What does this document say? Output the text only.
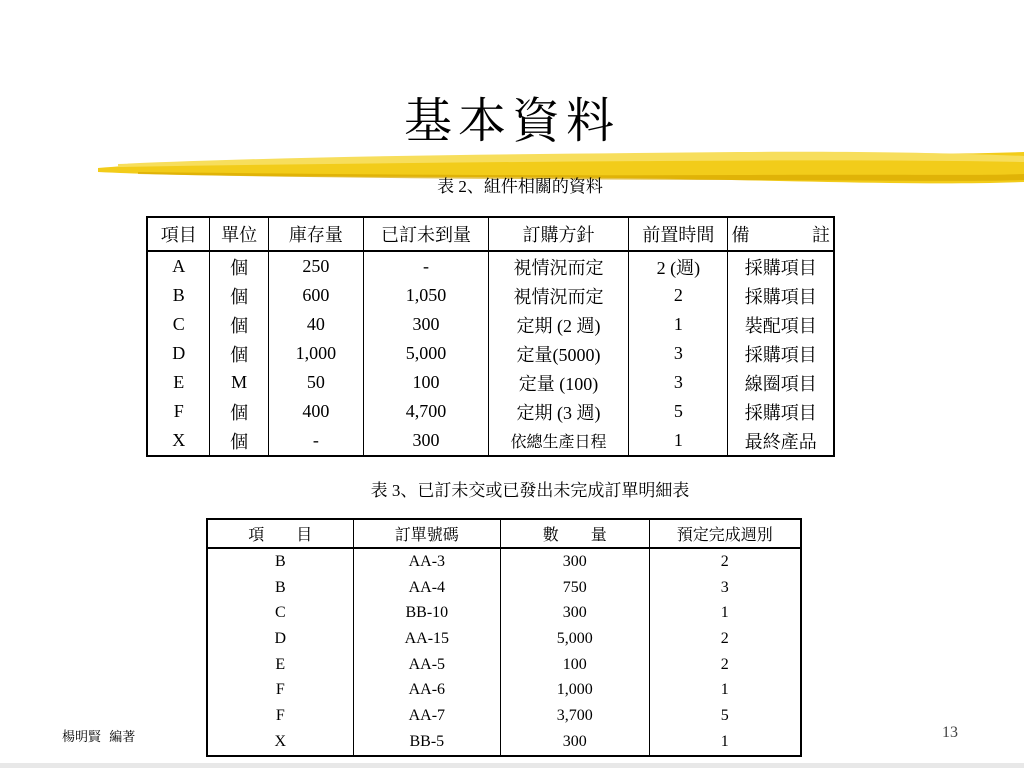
基本資料
表 2、組件相關的資料
項目	單位	庫存量	已訂未到量	訂購方針	前置時間	備　　註
A	個	250	-	視情況而定	2 (週)	採購項目
B	個	600	1,050	視情況而定	2	採購項目
C	個	40	300	定期 (2 週)	1	裝配項目
D	個	1,000	5,000	定量(5000)	3	採購項目
E	M	50	100	定量 (100)	3	線圈項目
F	個	400	4,700	定期 (3 週)	5	採購項目
X	個	-	300	依總生產日程	1	最終產品
表 3、已訂未交或已發出未完成訂單明細表
項　　目	訂單號碼	數　　量	預定完成週別
B	AA-3	300	2
B	AA-4	750	3
C	BB-10	300	1
D	AA-15	5,000	2
E	AA-5	100	2
F	AA-6	1,000	1
F	AA-7	3,700	5
X	BB-5	300	1
楊明賢  編著	13
